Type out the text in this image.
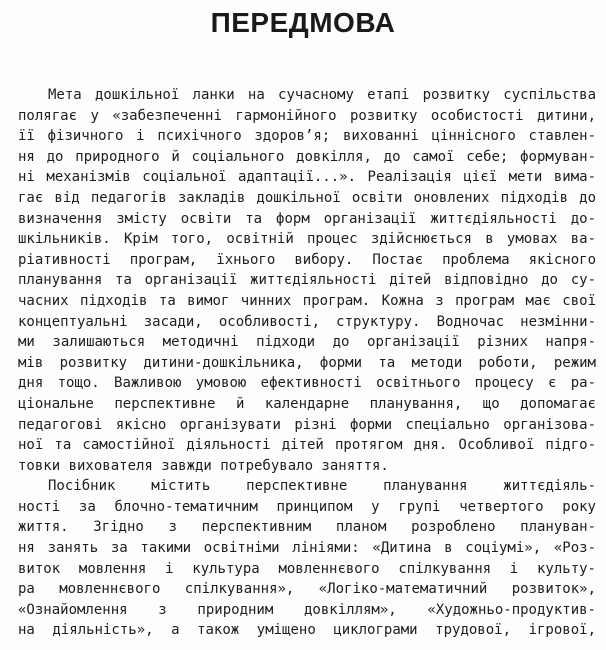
ПЕРЕДМОВА
Мета дошкільної ланки на сучасному етапі розвитку суспільства
полягає у «забезпеченні гармонійного розвитку особистості дитини,
її фізичного і психічного здоров’я; вихованні ціннісного ставлен-
ня до природного й соціального довкілля, до самої себе; формуван-
ні механізмів соціальної адаптації...». Реалізація цієї мети вима-
гає від педагогів закладів дошкільної освіти оновлених підходів до
визначення змісту освіти та форм організації життєдіяльності до-
шкільників. Крім того, освітній процес здійснюється в умовах ва-
ріативності програм, їхнього вибору. Постає проблема якісного
планування та організації життєдіяльності дітей відповідно до су-
часних підходів та вимог чинних програм. Кожна з програм має свої
концептуальні засади, особливості, структуру. Водночас незмінни-
ми залишаються методичні підходи до організації різних напря-
мів розвитку дитини-дошкільника, форми та методи роботи, режим
дня тощо. Важливою умовою ефективності освітнього процесу є ра-
ціональне перспективне й календарне планування, що допомагає
педагогові якісно організувати різні форми спеціально організова-
ної та самостійної діяльності дітей протягом дня. Особливої підго-
товки вихователя завжди потребувало заняття.
Посібник містить перспективне планування життєдіяль-
ності за блочно-тематичним принципом у групі четвертого року
життя. Згідно з перспективним планом розроблено плануван-
ня занять за такими освітніми лініями: «Дитина в соціумі», «Роз-
виток мовлення і культура мовленнєвого спілкування і культу-
ра мовленнєвого спілкування», «Логіко-математичний розвиток»,
«Ознайомлення з природним довкіллям», «Художньо-продуктив-
на діяльність», а також уміщено циклограми трудової, ігрової,
